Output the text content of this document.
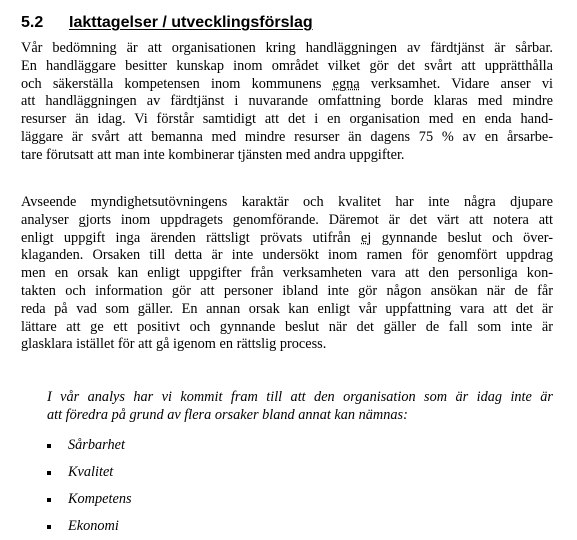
5.2 Iakttagelser / utvecklingsförslag
Vår bedömning är att organisationen kring handläggningen av färdtjänst är sårbar.
En handläggare besitter kunskap inom området vilket gör det svårt att upprätthålla
och säkerställa kompetensen inom kommunens egna verksamhet. Vidare anser vi
att handläggningen av färdtjänst i nuvarande omfattning borde klaras med mindre
resurser än idag. Vi förstår samtidigt att det i en organisation med en enda hand-
läggare är svårt att bemanna med mindre resurser än dagens 75 % av en årsarbe-
tare förutsatt att man inte kombinerar tjänsten med andra uppgifter.
Avseende myndighetsutövningens karaktär och kvalitet har inte några djupare
analyser gjorts inom uppdragets genomförande. Däremot är det värt att notera att
enligt uppgift inga ärenden rättsligt prövats utifrån ej gynnande beslut och över-
klaganden. Orsaken till detta är inte undersökt inom ramen för genomfört uppdrag
men en orsak kan enligt uppgifter från verksamheten vara att den personliga kon-
takten och information gör att personer ibland inte gör någon ansökan när de får
reda på vad som gäller. En annan orsak kan enligt vår uppfattning vara att det är
lättare att ge ett positivt och gynnande beslut när det gäller de fall som inte är
glasklara istället för att gå igenom en rättslig process.
I vår analys har vi kommit fram till att den organisation som är idag inte är
att föredra på grund av flera orsaker bland annat kan nämnas:
Sårbarhet
Kvalitet
Kompetens
Ekonomi
